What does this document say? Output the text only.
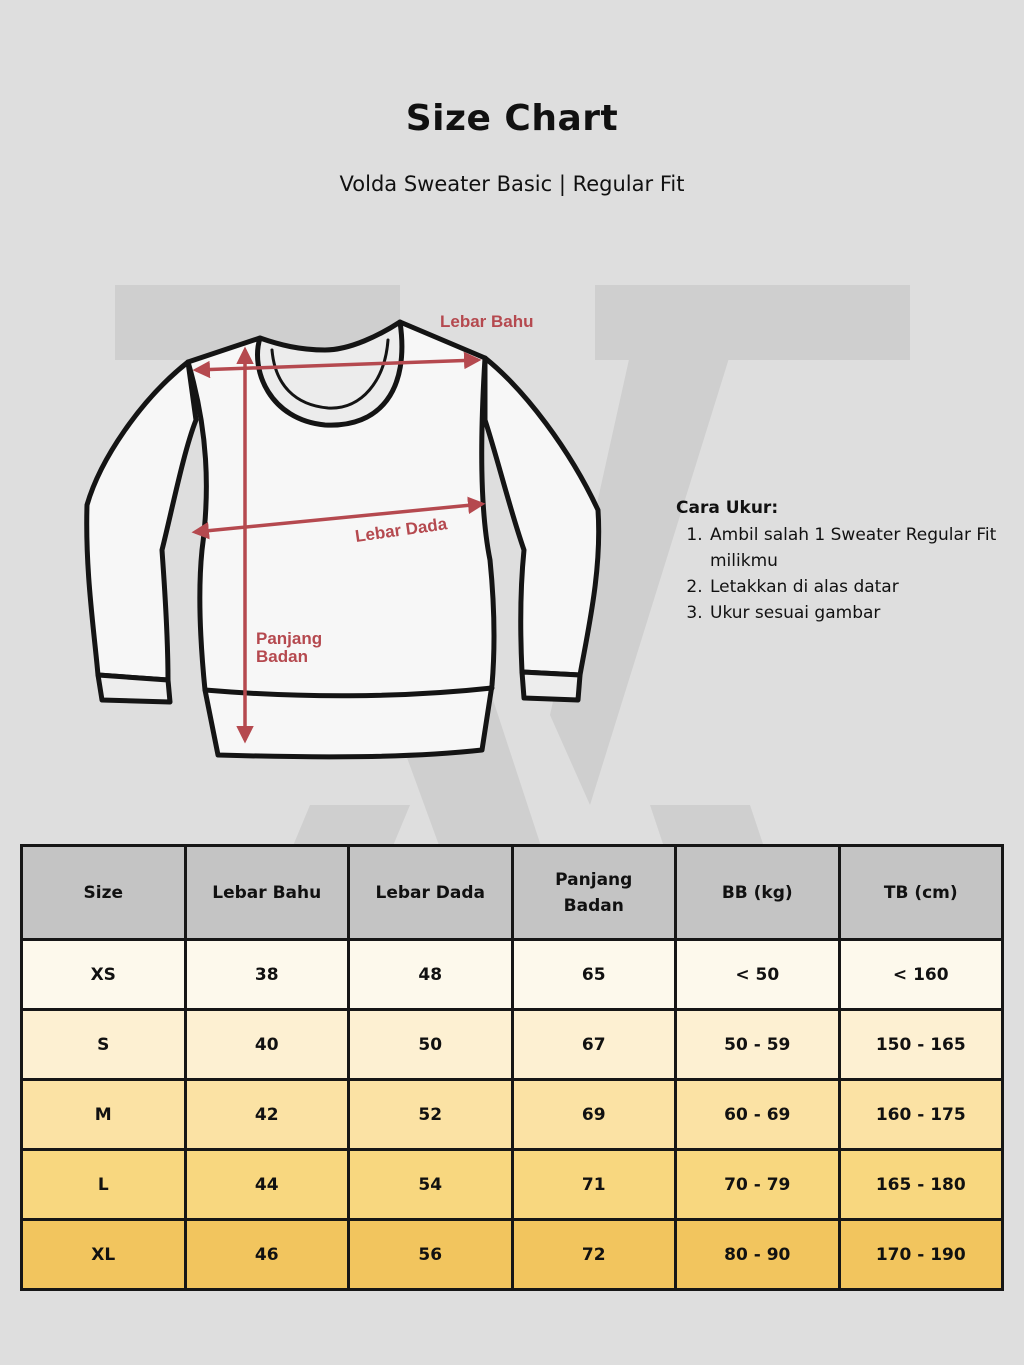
Size Chart
Volda Sweater Basic | Regular Fit
Lebar Bahu
Lebar Dada
Panjang
Badan
Cara Ukur:
1. Ambil salah 1 Sweater Regular Fit milikmu
2. Letakkan di alas datar
3. Ukur sesuai gambar
Size	Lebar Bahu	Lebar Dada	Panjang Badan	BB (kg)	TB (cm)
XS	38	48	65	< 50	< 160
S	40	50	67	50 - 59	150 - 165
M	42	52	69	60 - 69	160 - 175
L	44	54	71	70 - 79	165 - 180
XL	46	56	72	80 - 90	170 - 190
